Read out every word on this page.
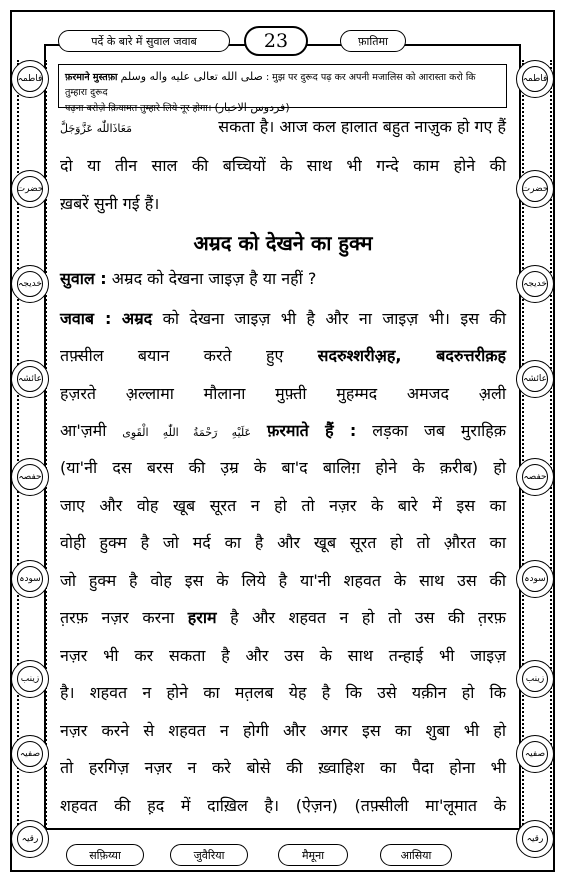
فاطمہ
حضرت
خدیجہ
عائشہ
حفصہ
سودہ
زینب
صفیہ
رقیہ
فاطمہ
حضرت
خدیجہ
عائشہ
حفصہ
سودہ
زینب
صفیہ
رقیہ
पर्दे के बारे में सुवाल जवाब	23	फ़ातिमा
फ़रमाने मुस्तफ़ा صلى الله تعالى عليه واله وسلم : मुझ पर दुरूद पढ़ कर अपनी मजालिस को आरास्ता करो कि तुम्हारा दुरूद
पढ़ना बरोज़े क़ियामत तुम्हारे लिये नूर होगा। (فردوس الاخبار)
مَعَاذَاللّٰه عَزَّوَجَلَّ	सकता है। आज कल हालात बहुत नाज़ुक हो गए हैं
दो या तीन साल की बच्चियों के साथ भी गन्दे काम होने की
ख़बरें सुनी गई हैं।
अम्रद को देखने का हुक्म
सुवाल : अम्रद को देखना जाइज़ है या नहीं ?
जवाब : अम्रद को देखना जाइज़ भी है और ना जाइज़ भी। इस की
तफ़्सील बयान करते हुए सदरुश्शरीअ़ह, बदरुत्तरीक़ह
हज़रते अ़ल्लामा मौलाना मुफ़्ती मुहम्मद अमजद अ़ली
आ'ज़मी عَلَيْهِ رَحْمَةُ اللّٰهِ الْقَوِى फ़रमाते हैं : लड़का जब मुराहिक़
(या'नी दस बरस की उ़म्र के बा'द बालिग़ होने के क़रीब) हो
जाए और वोह खूब सूरत न हो तो नज़र के बारे में इस का
वोही हुक्म है जो मर्द का है और खूब सूरत हो तो औ़रत का
जो हुक्म है वोह इस के लिये है या'नी शहवत के साथ उस की
त़रफ़ नज़र करना हराम है और शहवत न हो तो उस की त़रफ़
नज़र भी कर सकता है और उस के साथ तन्हाई भी जाइज़
है। शहवत न होने का मत़लब येह है कि उसे यक़ीन हो कि
नज़र करने से शहवत न होगी और अगर इस का शुबा भी हो
तो हरगिज़ नज़र न करे बोसे की ख़्वाहिश का पैदा होना भी
शहवत की ह़द में दाख़िल है। (ऐज़न) (तफ़्सीली मा'लूमात के
सफ़िय्या	जुवैरिया	मैमूना	आसिया
